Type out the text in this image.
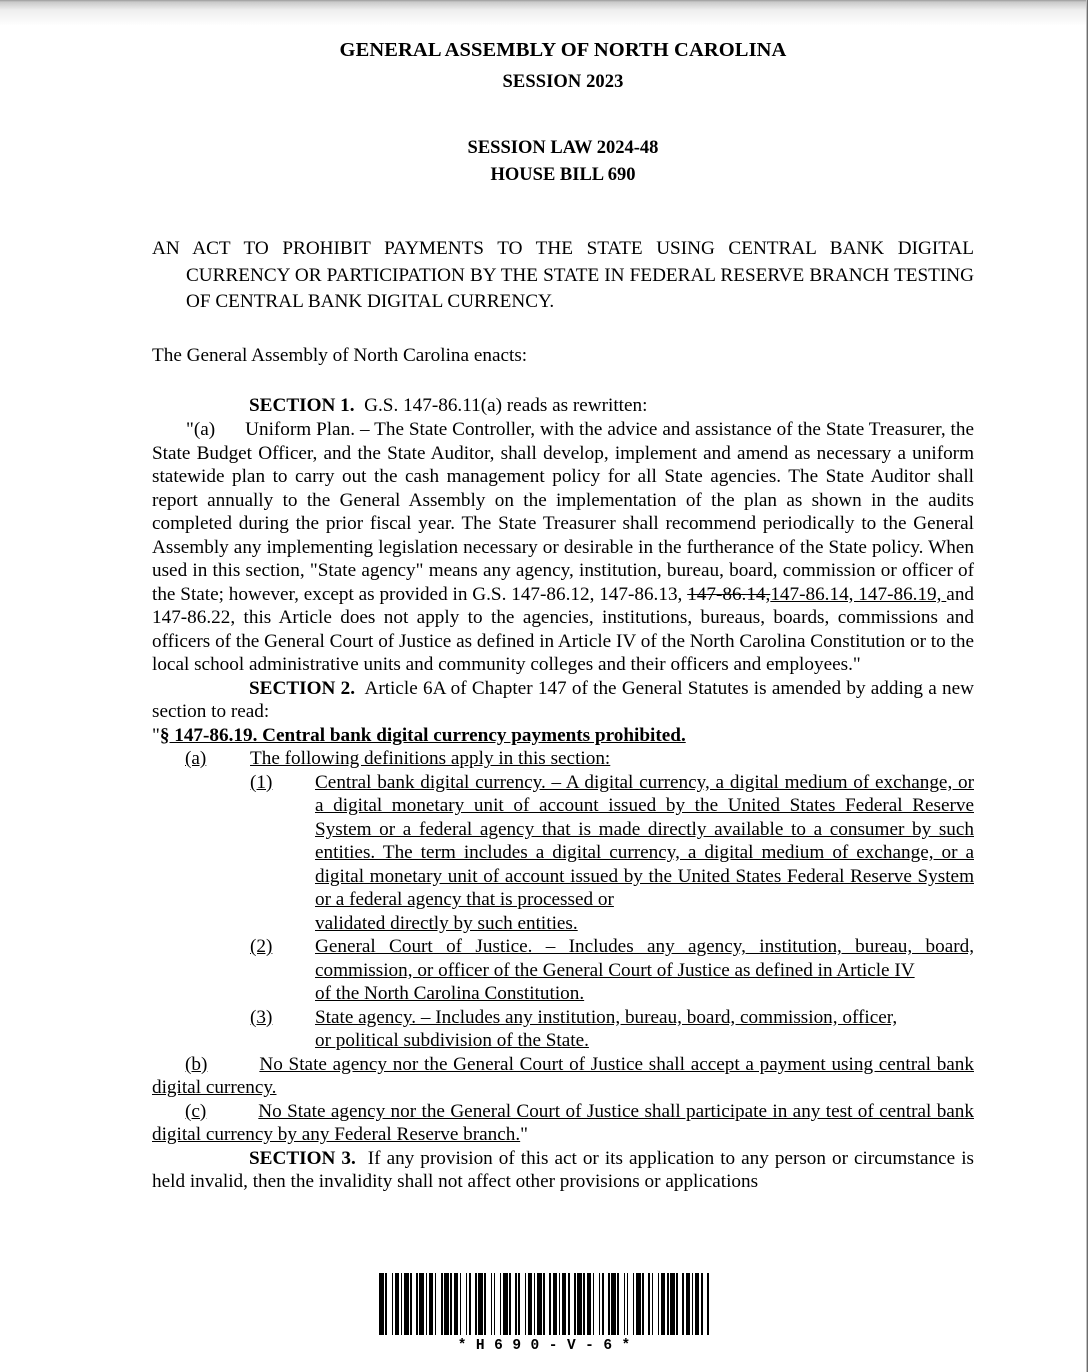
GENERAL ASSEMBLY OF NORTH CAROLINA
SESSION 2023
SESSION LAW 2024-48
HOUSE BILL 690
AN ACT TO PROHIBIT PAYMENTS TO THE STATE USING CENTRAL BANK DIGITAL CURRENCY OR PARTICIPATION BY THE STATE IN FEDERAL RESERVE BRANCH TESTING OF CENTRAL BANK DIGITAL CURRENCY.
The General Assembly of North Carolina enacts:

SECTION 1. G.S. 147-86.11(a) reads as rewritten:

"(a) Uniform Plan. – The State Controller, with the advice and assistance of the State Treasurer, the State Budget Officer, and the State Auditor, shall develop, implement and amend as necessary a uniform statewide plan to carry out the cash management policy for all State agencies. The State Auditor shall report annually to the General Assembly on the implementation of the plan as shown in the audits completed during the prior fiscal year. The State Treasurer shall recommend periodically to the General Assembly any implementing legislation necessary or desirable in the furtherance of the State policy. When used in this section, "State agency" means any agency, institution, bureau, board, commission or officer of the State; however, except as provided in G.S. 147-86.12, 147-86.13, 147-86.14,147-86.14, 147-86.19, and 147-86.22, this Article does not apply to the agencies, institutions, bureaus, boards, commissions and officers of the General Court of Justice as defined in Article IV of the North Carolina Constitution or to the local school administrative units and community colleges and their officers and employees."

SECTION 2. Article 6A of Chapter 147 of the General Statutes is amended by adding a new section to read:

"§ 147-86.19. Central bank digital currency payments prohibited.

(a) The following definitions apply in this section:

(1) Central bank digital currency. – A digital currency, a digital medium of exchange, or a digital monetary unit of account issued by the United States Federal Reserve System or a federal agency that is made directly available to a consumer by such entities. The term includes a digital currency, a digital medium of exchange, or a digital monetary unit of account issued by the United States Federal Reserve System or a federal agency that is processed or

validated directly by such entities.

(2) General Court of Justice. – Includes any agency, institution, bureau, board, commission, or officer of the General Court of Justice as defined in Article IV

of the North Carolina Constitution.

(3) State agency. – Includes any institution, bureau, board, commission, officer,

or political subdivision of the State.

(b)	No State agency nor the General Court of Justice shall accept a payment using central bank digital currency.

(c)	No State agency nor the General Court of Justice shall participate in any test of central bank digital currency by any Federal Reserve branch."

SECTION 3. If any provision of this act or its application to any person or circumstance is held invalid, then the invalidity shall not affect other provisions or applications

*H690-V-6*
